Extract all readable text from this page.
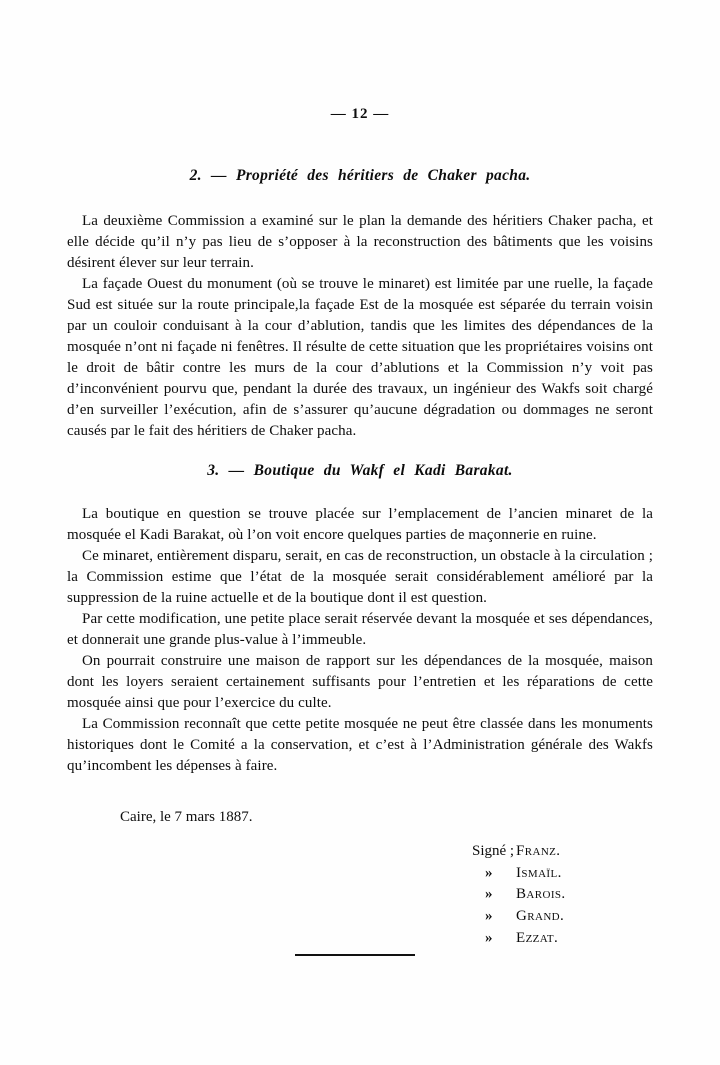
— 12 —
2. — Propriété des héritiers de Chaker pacha.

La deuxième Commission a examiné sur le plan la demande des héritiers Chaker pacha, et elle décide qu’il n’y pas lieu de s’opposer à la reconstruction des bâtiments que les voisins désirent élever sur leur terrain.

La façade Ouest du monument (où se trouve le minaret) est limitée par une ruelle, la façade Sud est située sur la route principale,la façade Est de la mosquée est séparée du terrain voisin par un couloir conduisant à la cour d’ablution, tandis que les limites des dépendances de la mosquée n’ont ni façade ni fenêtres. Il résulte de cette situation que les propriétaires voisins ont le droit de bâtir contre les murs de la cour d’ablutions et la Commission n’y voit pas d’inconvénient pourvu que, pendant la durée des travaux, un ingénieur des Wakfs soit chargé d’en surveiller l’exécution, afin de s’assurer qu’aucune dégradation ou dommages ne seront causés par le fait des héritiers de Chaker pacha.

3. — Boutique du Wakf el Kadi Barakat.

La boutique en question se trouve placée sur l’emplacement de l’ancien minaret de la mosquée el Kadi Barakat, où l’on voit encore quelques parties de maçonnerie en ruine.

Ce minaret, entièrement disparu, serait, en cas de reconstruction, un obstacle à la circulation ; la Commission estime que l’état de la mosquée serait considérablement amélioré par la suppression de la ruine actuelle et de la boutique dont il est question.

Par cette modification, une petite place serait réservée devant la mosquée et ses dépendances, et donnerait une grande plus-value à l’immeuble.

On pourrait construire une maison de rapport sur les dépendances de la mosquée, maison dont les loyers seraient certainement suffisants pour l’entretien et les réparations de cette mosquée ainsi que pour l’exercice du culte.

La Commission reconnaît que cette petite mosquée ne peut être classée dans les monuments historiques dont le Comité a la conservation, et c’est à l’Administration générale des Wakfs qu’incombent les dépenses à faire.

Caire, le 7 mars 1887.
Signé ; Franz.
»	Ismaïl.
»	Barois.
»	Grand.
»	Ezzat.
